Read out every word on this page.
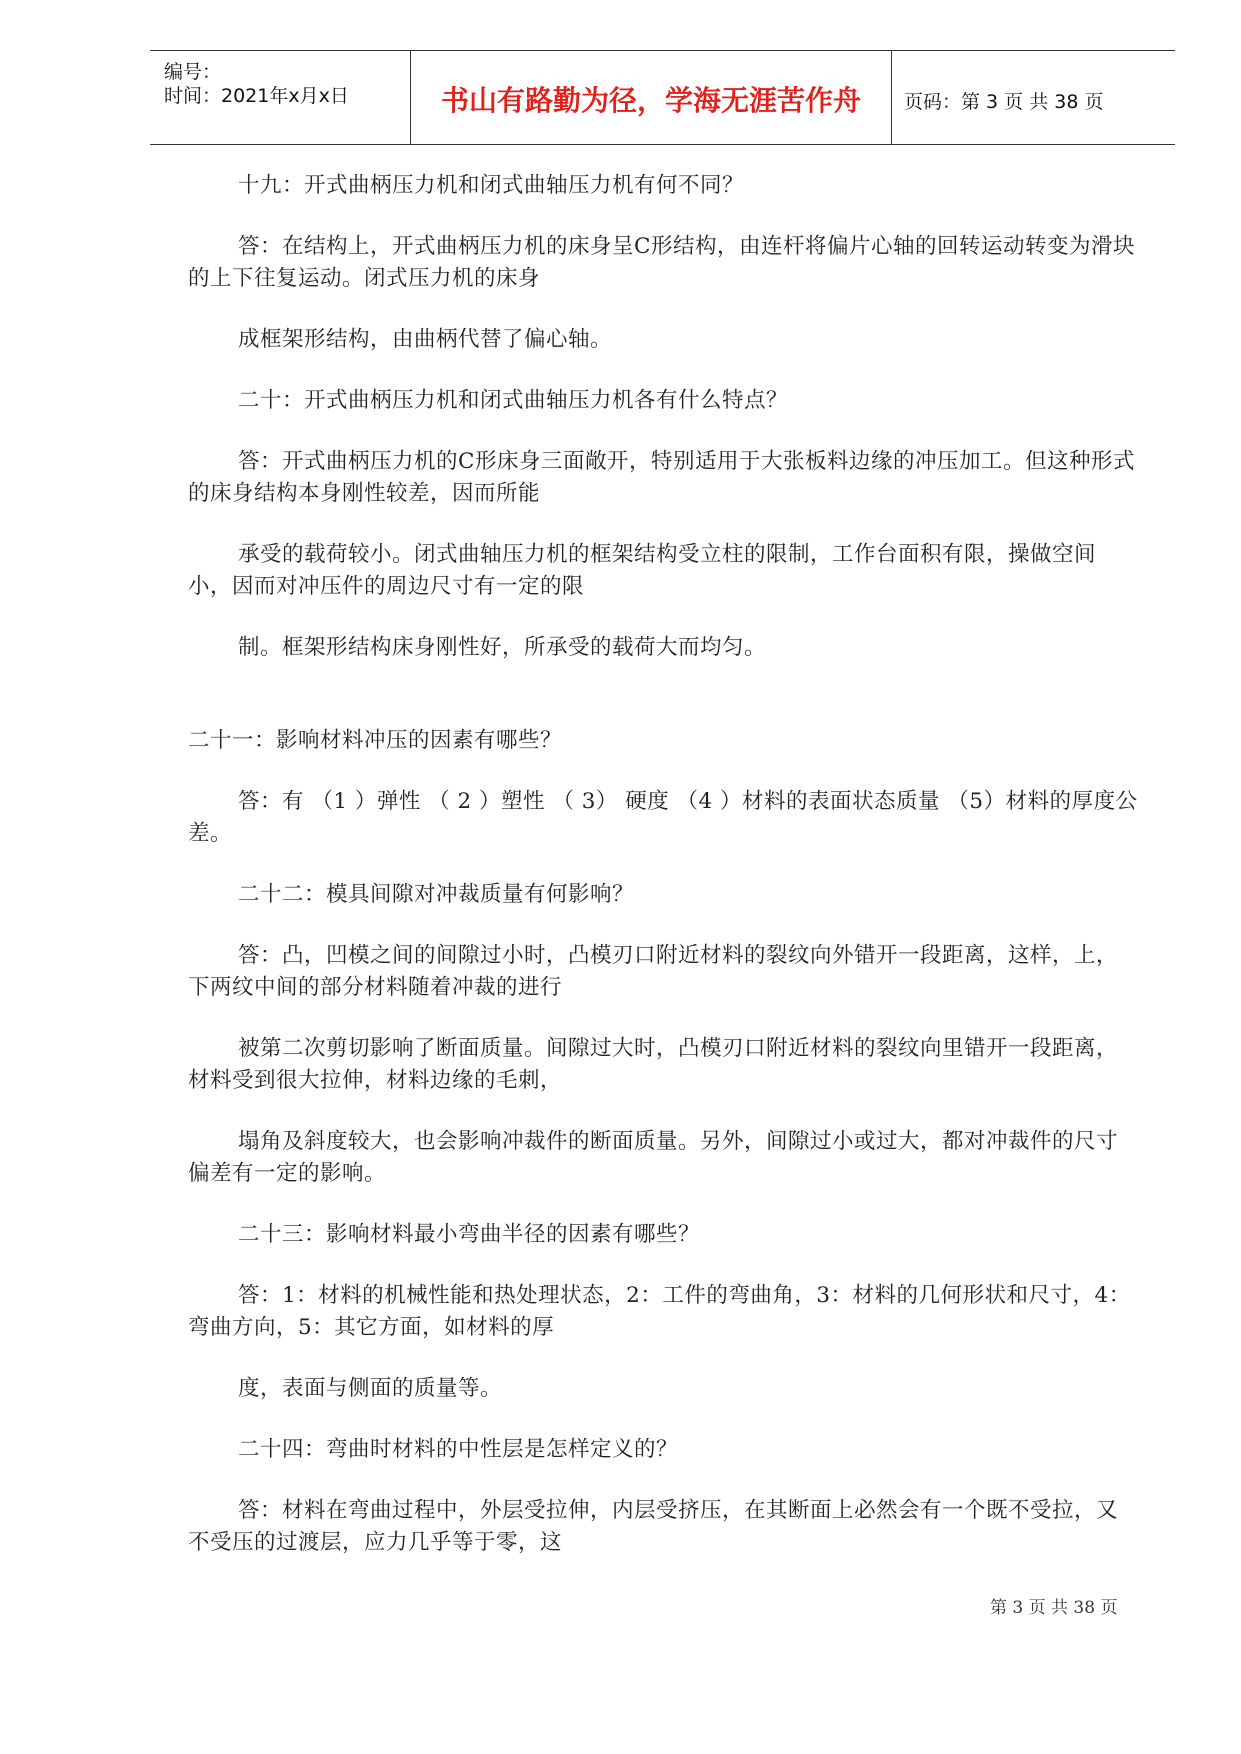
编号：
时间：2021年x月x日	书山有路勤为径，学海无涯苦作舟	页码：第 3 页 共 38 页

十九：开式曲柄压力机和闭式曲轴压力机有何不同？

答：在结构上，开式曲柄压力机的床身呈C形结构，由连杆将偏片心轴的回转运动转变为滑块的上下往复运动。闭式压力机的床身

成框架形结构，由曲柄代替了偏心轴。

二十：开式曲柄压力机和闭式曲轴压力机各有什么特点？

答：开式曲柄压力机的C形床身三面敞开，特别适用于大张板料边缘的冲压加工。但这种形式的床身结构本身刚性较差，因而所能

承受的载荷较小。闭式曲轴压力机的框架结构受立柱的限制，工作台面积有限，操做空间小，因而对冲压件的周边尺寸有一定的限

制。框架形结构床身刚性好，所承受的载荷大而均匀。

二十一：影响材料冲压的因素有哪些？

答：有 （1 ）弹性 （ 2 ）塑性 （ 3） 硬度 （4 ）材料的表面状态质量 （5）材料的厚度公差。

二十二：模具间隙对冲裁质量有何影响？

答：凸，凹模之间的间隙过小时，凸模刃口附近材料的裂纹向外错开一段距离，这样，上，下两纹中间的部分材料随着冲裁的进行

被第二次剪切影响了断面质量。间隙过大时，凸模刃口附近材料的裂纹向里错开一段距离，材料受到很大拉伸，材料边缘的毛刺，

塌角及斜度较大，也会影响冲裁件的断面质量。另外，间隙过小或过大，都对冲裁件的尺寸偏差有一定的影响。

二十三：影响材料最小弯曲半径的因素有哪些？

答：1：材料的机械性能和热处理状态，2：工件的弯曲角，3：材料的几何形状和尺寸，4：弯曲方向，5：其它方面，如材料的厚

度，表面与侧面的质量等。

二十四：弯曲时材料的中性层是怎样定义的？

答：材料在弯曲过程中，外层受拉伸，内层受挤压，在其断面上必然会有一个既不受拉，又不受压的过渡层，应力几乎等于零，这

第 3 页 共 38 页
